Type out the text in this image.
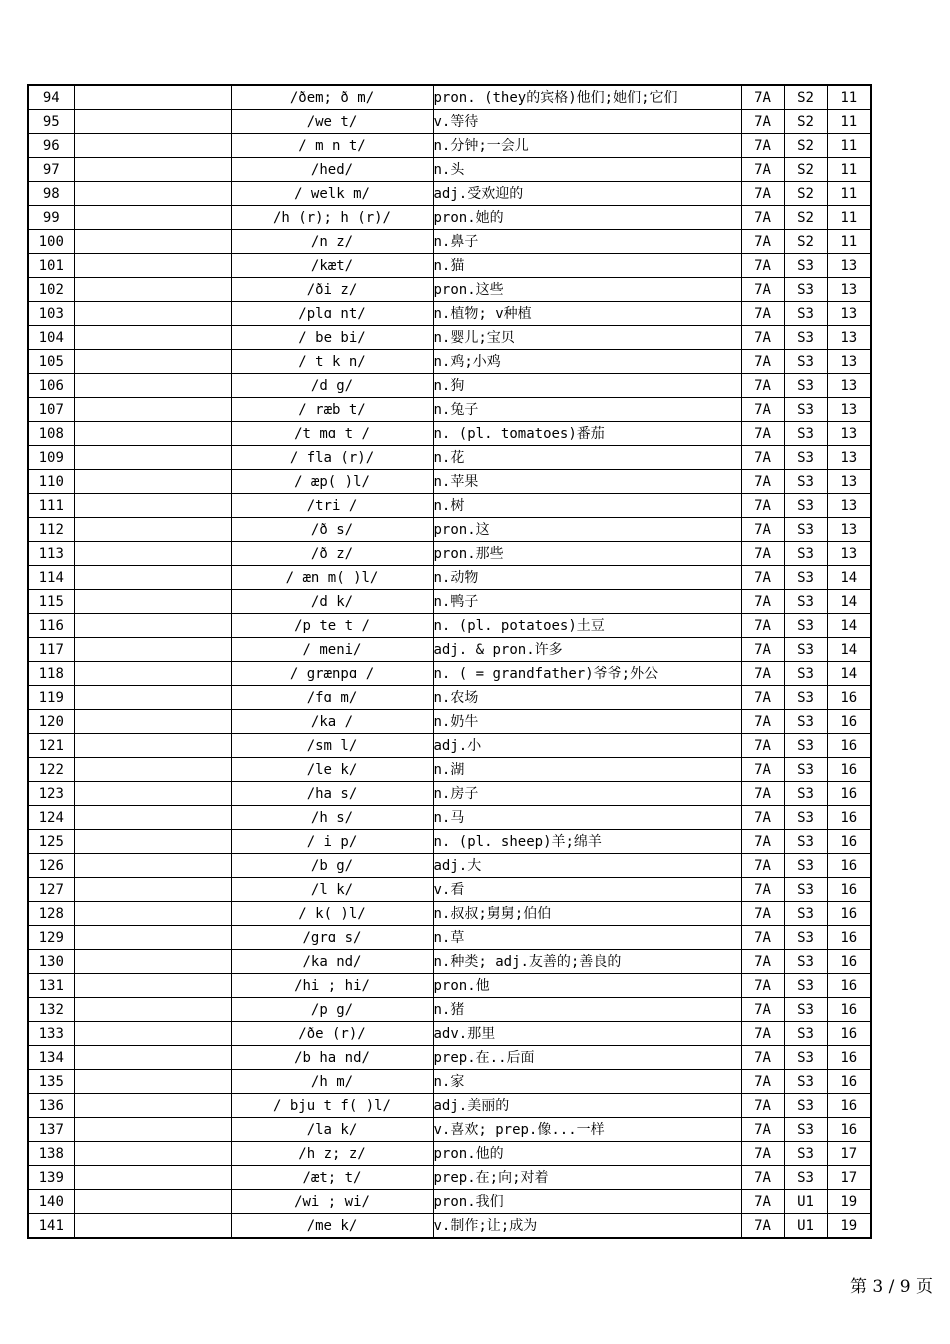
94		/ðem; ð m/	pron. (they的宾格)他们;她们;它们	7A	S2	11
95		/we t/	v.等待	7A	S2	11
96		/ m n t/	n.分钟;一会儿	7A	S2	11
97		/hed/	n.头	7A	S2	11
98		/ welk m/	adj.受欢迎的	7A	S2	11
99		/h (r); h (r)/	pron.她的	7A	S2	11
100		/n z/	n.鼻子	7A	S2	11
101		/kæt/	n.猫	7A	S3	13
102		/ði z/	pron.这些	7A	S3	13
103		/plɑ nt/	n.植物; v种植	7A	S3	13
104		/ be bi/	n.婴儿;宝贝	7A	S3	13
105		/ t k n/	n.鸡;小鸡	7A	S3	13
106		/d g/	n.狗	7A	S3	13
107		/ ræb t/	n.兔子	7A	S3	13
108		/t mɑ t /	n. (pl. tomatoes)番茄	7A	S3	13
109		/ fla (r)/	n.花	7A	S3	13
110		/ æp( )l/	n.苹果	7A	S3	13
111		/tri /	n.树	7A	S3	13
112		/ð s/	pron.这	7A	S3	13
113		/ð z/	pron.那些	7A	S3	13
114		/ æn m( )l/	n.动物	7A	S3	14
115		/d k/	n.鸭子	7A	S3	14
116		/p te t /	n. (pl. potatoes)土豆	7A	S3	14
117		/ meni/	adj. & pron.许多	7A	S3	14
118		/ grænpɑ /	n. ( = grandfather)爷爷;外公	7A	S3	14
119		/fɑ m/	n.农场	7A	S3	16
120		/ka /	n.奶牛	7A	S3	16
121		/sm l/	adj.小	7A	S3	16
122		/le k/	n.湖	7A	S3	16
123		/ha s/	n.房子	7A	S3	16
124		/h s/	n.马	7A	S3	16
125		/ i p/	n. (pl. sheep)羊;绵羊	7A	S3	16
126		/b g/	adj.大	7A	S3	16
127		/l k/	v.看	7A	S3	16
128		/ k( )l/	n.叔叔;舅舅;伯伯	7A	S3	16
129		/grɑ s/	n.草	7A	S3	16
130		/ka nd/	n.种类; adj.友善的;善良的	7A	S3	16
131		/hi ; hi/	pron.他	7A	S3	16
132		/p g/	n.猪	7A	S3	16
133		/ðe (r)/	adv.那里	7A	S3	16
134		/b ha nd/	prep.在..后面	7A	S3	16
135		/h m/	n.家	7A	S3	16
136		/ bju t f( )l/	adj.美丽的	7A	S3	16
137		/la k/	v.喜欢; prep.像...一样	7A	S3	16
138		/h z; z/	pron.他的	7A	S3	17
139		/æt; t/	prep.在;向;对着	7A	S3	17
140		/wi ; wi/	pron.我们	7A	U1	19
141		/me k/	v.制作;让;成为	7A	U1	19
第 3 / 9 页
